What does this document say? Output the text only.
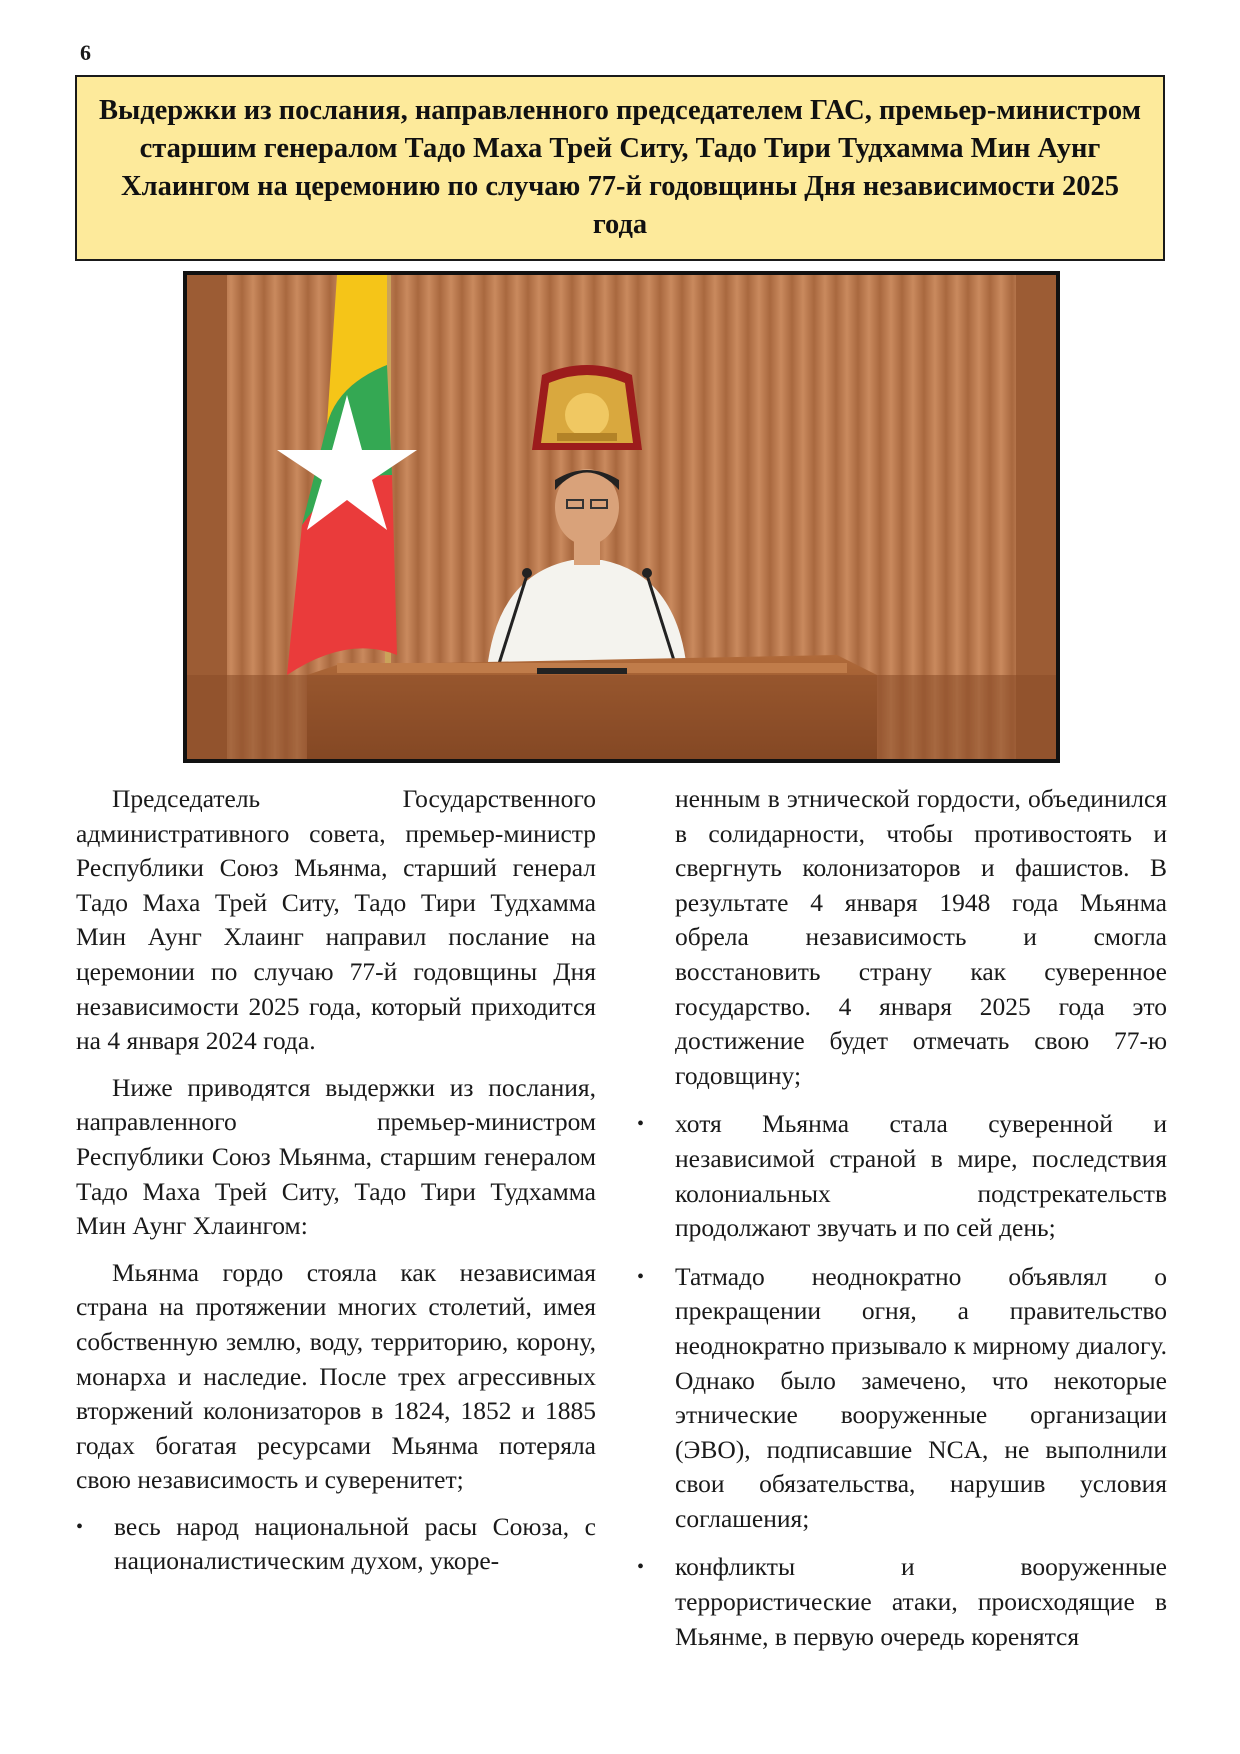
6
Выдержки из послания, направленного председателем ГАС, премьер-министром старшим генералом Тадо Маха Трей Ситу, Тадо Тири Тудхамма Мин Аунг Хлаингом на церемонию по случаю 77-й годовщины Дня независимости 2025 года

Председатель Государственного административного совета, премьер-министр Республики Союз Мьянма, старший генерал Тадо Маха Трей Ситу, Тадо Тири Тудхамма Мин Аунг Хлаинг направил послание на церемонии по случаю 77-й годовщины Дня независимости 2025 года, который приходится на 4 января 2024 года.

Ниже приводятся выдержки из послания, направленного премьер-министром Республики Союз Мьянма, старшим генералом Тадо Маха Трей Ситу, Тадо Тири Тудхамма Мин Аунг Хлаингом:

Мьянма гордо стояла как независимая страна на протяжении многих столетий, имея собственную землю, воду, территорию, корону, монарха и наследие. После трех агрессивных вторжений колонизаторов в 1824, 1852 и 1885 годах богатая ресурсами Мьянма потеряла свою независимость и суверенитет;

• весь народ национальной расы Союза, с националистическим духом, укоре-

ненным в этнической гордости, объединился в солидарности, чтобы противостоять и свергнуть колонизаторов и фашистов. В результате 4 января 1948 года Мьянма обрела независимость и смогла восстановить страну как суверенное государство. 4 января 2025 года это достижение будет отмечать свою 77-ю годовщину;

• хотя Мьянма стала суверенной и независимой страной в мире, последствия колониальных подстрекательств продолжают звучать и по сей день;
• Татмадо неоднократно объявлял о прекращении огня, а правительство неоднократно призывало к мирному диалогу. Однако было замечено, что некоторые этнические вооруженные организации (ЭВО), подписавшие NCA, не выполнили свои обязательства, нарушив условия соглашения;
• конфликты и вооруженные террористические атаки, происходящие в Мьянме, в первую очередь коренятся
